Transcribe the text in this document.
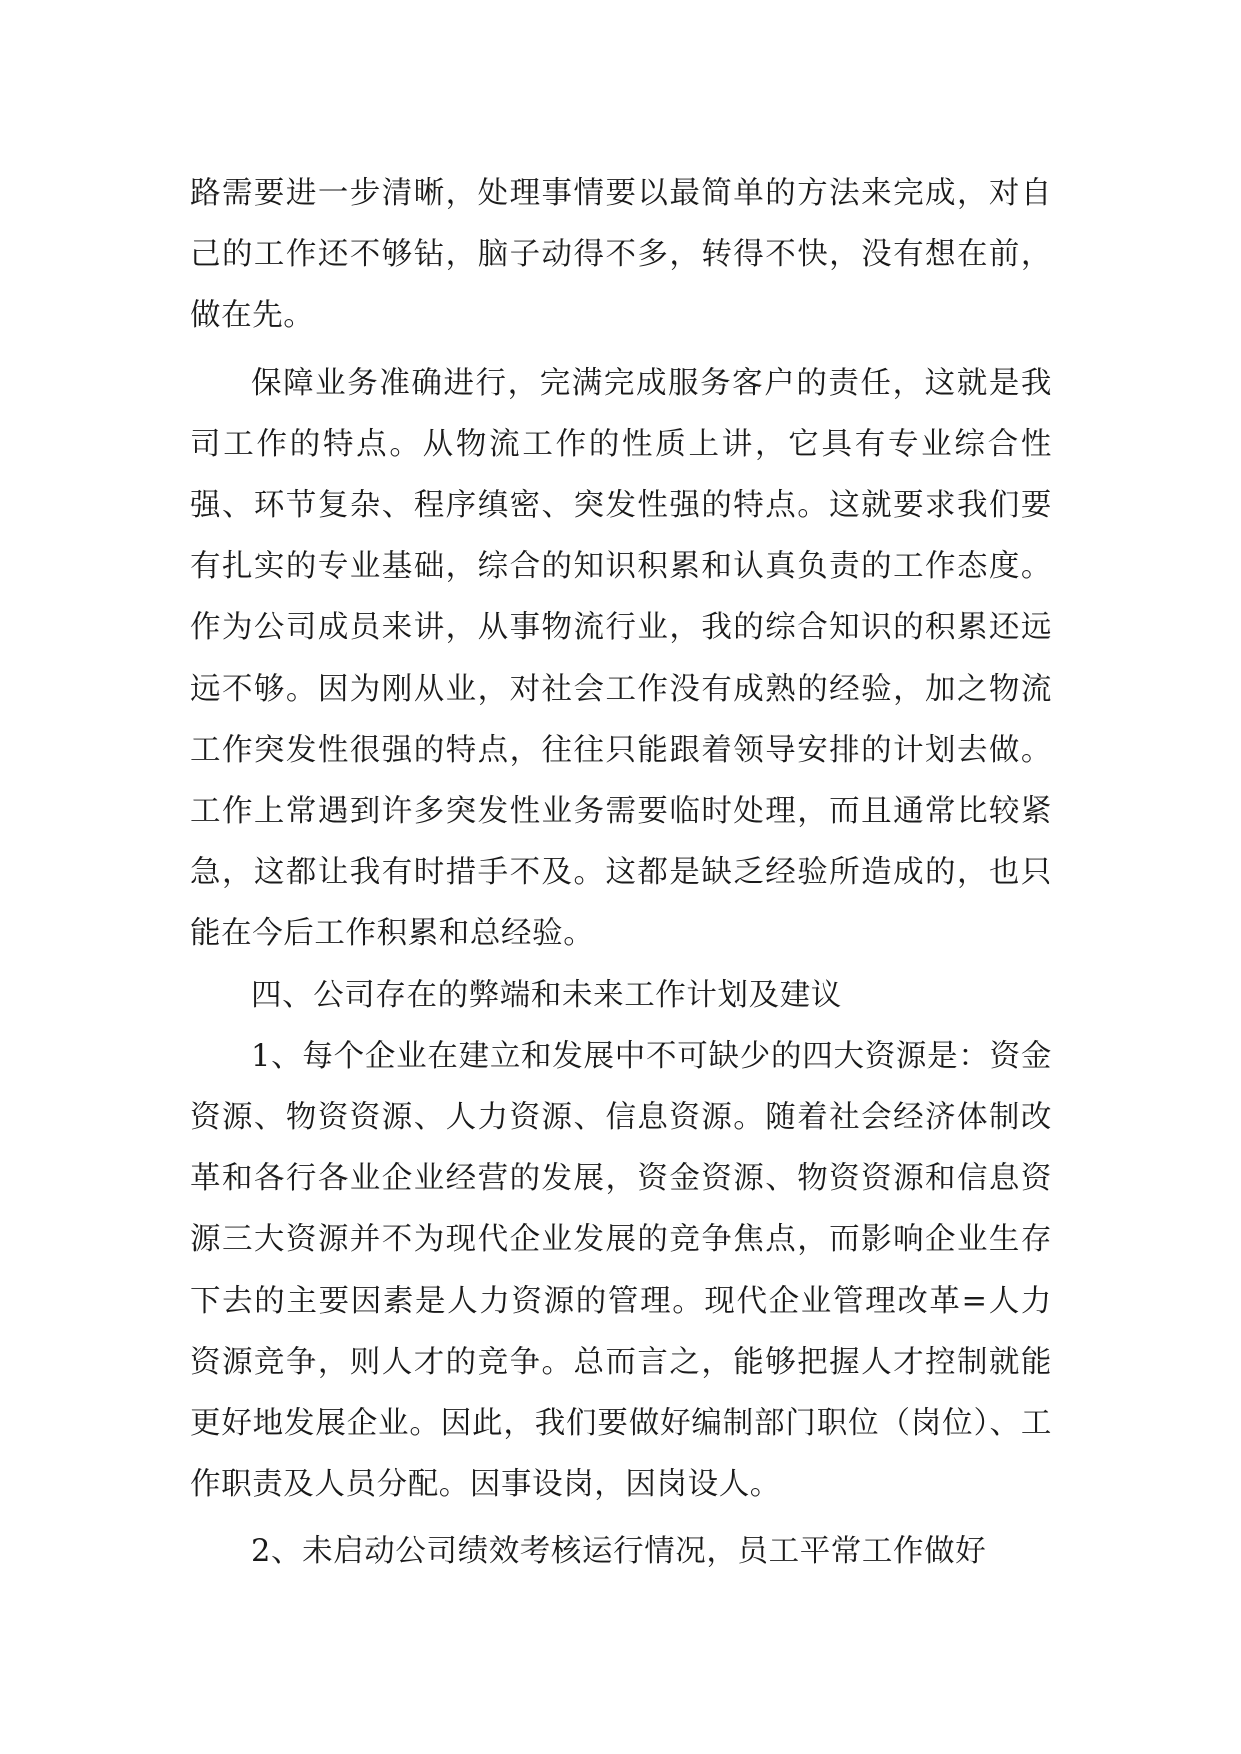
路需要进一步清晰，处理事情要以最简单的方法来完成，对自己的工作还不够钻，脑子动得不多，转得不快，没有想在前，做在先。

保障业务准确进行，完满完成服务客户的责任，这就是我司工作的特点。从物流工作的性质上讲，它具有专业综合性强、环节复杂、程序缜密、突发性强的特点。这就要求我们要有扎实的专业基础，综合的知识积累和认真负责的工作态度。作为公司成员来讲，从事物流行业，我的综合知识的积累还远远不够。因为刚从业，对社会工作没有成熟的经验，加之物流工作突发性很强的特点，往往只能跟着领导安排的计划去做。工作上常遇到许多突发性业务需要临时处理，而且通常比较紧急，这都让我有时措手不及。这都是缺乏经验所造成的，也只能在今后工作积累和总经验。

四、公司存在的弊端和未来工作计划及建议

1、每个企业在建立和发展中不可缺少的四大资源是：资金资源、物资资源、人力资源、信息资源。随着社会经济体制改革和各行各业企业经营的发展，资金资源、物资资源和信息资源三大资源并不为现代企业发展的竞争焦点，而影响企业生存下去的主要因素是人力资源的管理。现代企业管理改革=人力资源竞争，则人才的竞争。总而言之，能够把握人才控制就能更好地发展企业。因此，我们要做好编制部门职位（岗位）、工作职责及人员分配。因事设岗，因岗设人。

2、未启动公司绩效考核运行情况，员工平常工作做好
